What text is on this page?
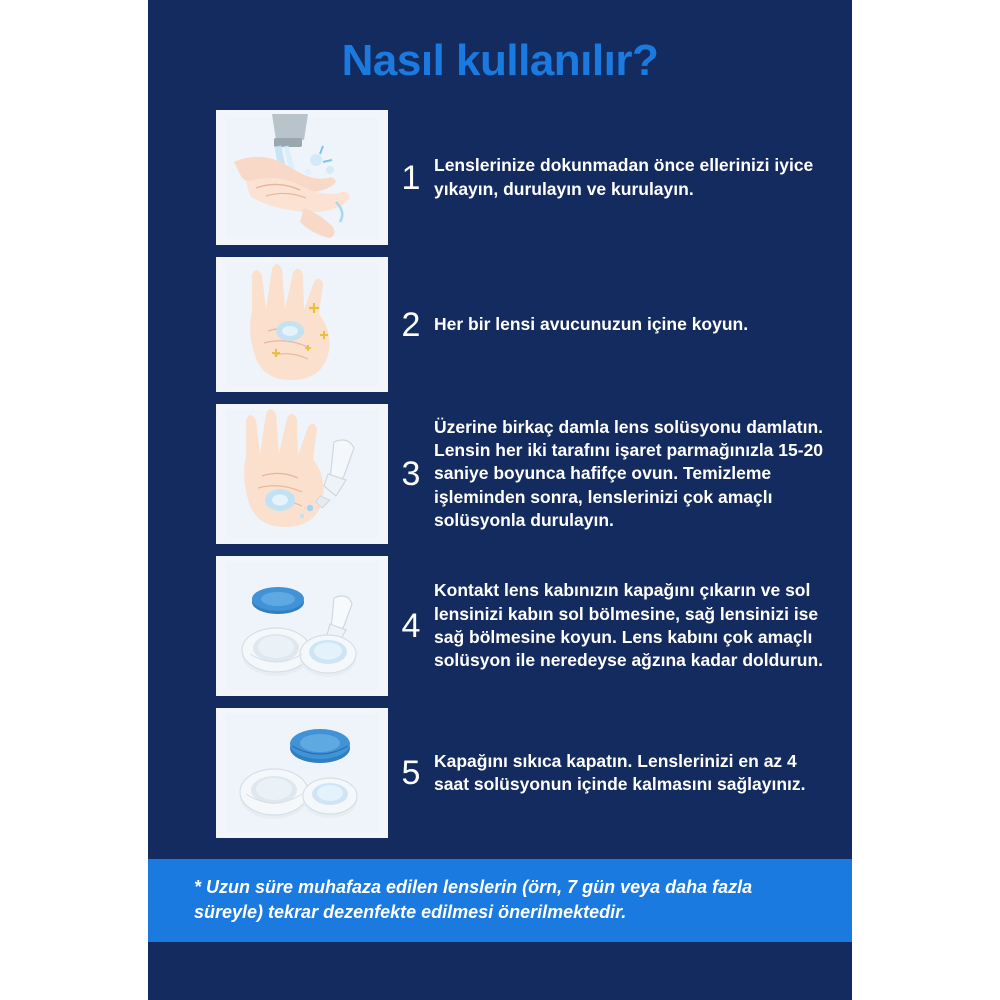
Nasıl kullanılır?
1 Lenslerinize dokunmadan önce ellerinizi iyice yıkayın, durulayın ve kurulayın.
2 Her bir lensi avucunuzun içine koyun.
3
Üzerine birkaç damla lens solüsyonu damlatın. Lensin her iki tarafını işaret parmağınızla 15-20 saniye boyunca hafifçe ovun. Temizleme işleminden sonra, lenslerinizi çok amaçlı solüsyonla durulayın.
4
Kontakt lens kabınızın kapağını çıkarın ve sol lensinizi kabın sol bölmesine, sağ lensinizi ise sağ bölmesine koyun. Lens kabını çok amaçlı solüsyon ile neredeyse ağzına kadar doldurun.
5 Kapağını sıkıca kapatın. Lenslerinizi en az 4 saat solüsyonun içinde kalmasını sağlayınız.
* Uzun süre muhafaza edilen lenslerin (örn, 7 gün veya daha fazla süreyle) tekrar dezenfekte edilmesi önerilmektedir.
